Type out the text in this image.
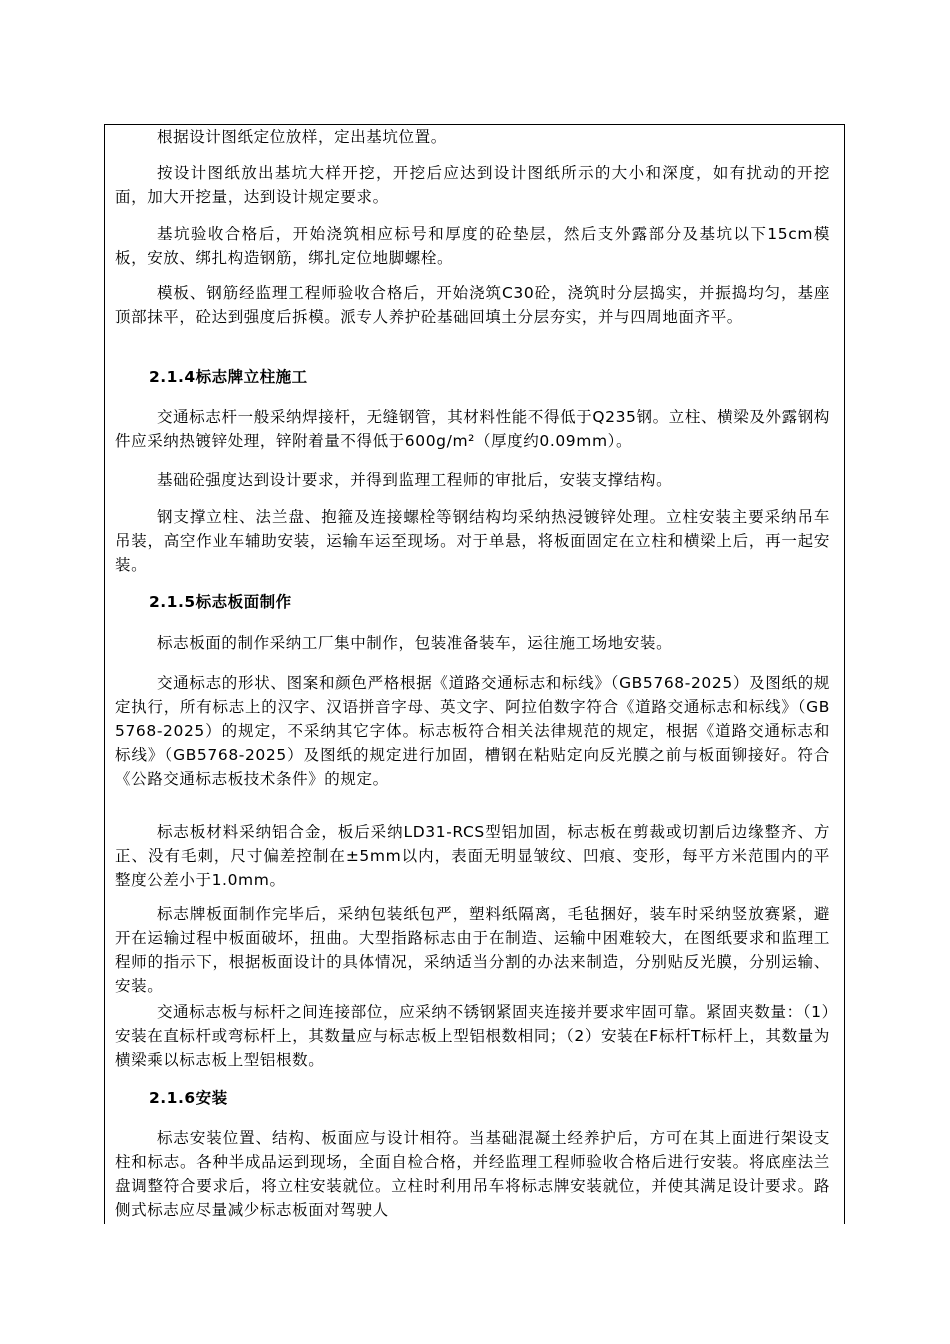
根据设计图纸定位放样，定出基坑位置。

按设计图纸放出基坑大样开挖，开挖后应达到设计图纸所示的大小和深度，如有扰动的开挖面，加大开挖量，达到设计规定要求。

基坑验收合格后，开始浇筑相应标号和厚度的砼垫层，然后支外露部分及基坑以下15cm模板，安放、绑扎构造钢筋，绑扎定位地脚螺栓。

模板、钢筋经监理工程师验收合格后，开始浇筑C30砼，浇筑时分层捣实，并振捣均匀，基座顶部抹平，砼达到强度后拆模。派专人养护砼基础回填土分层夯实，并与四周地面齐平。

2.1.4标志牌立柱施工

交通标志杆一般采纳焊接杆，无缝钢管，其材料性能不得低于Q235钢。立柱、横梁及外露钢构件应采纳热镀锌处理，锌附着量不得低于600g/m²（厚度约0.09mm）。

基础砼强度达到设计要求，并得到监理工程师的审批后，安装支撑结构。

钢支撑立柱、法兰盘、抱箍及连接螺栓等钢结构均采纳热浸镀锌处理。立柱安装主要采纳吊车吊装，高空作业车辅助安装，运输车运至现场。对于单悬，将板面固定在立柱和横梁上后，再一起安装。

2.1.5标志板面制作

标志板面的制作采纳工厂集中制作，包装准备装车，运往施工场地安装。

交通标志的形状、图案和颜色严格根据《道路交通标志和标线》（GB5768-2025）及图纸的规定执行，所有标志上的汉字、汉语拼音字母、英文字、阿拉伯数字符合《道路交通标志和标线》（GB5768-2025）的规定，不采纳其它字体。标志板符合相关法律规范的规定，根据《道路交通标志和标线》（GB5768-2025）及图纸的规定进行加固，槽钢在粘贴定向反光膜之前与板面铆接好。符合《公路交通标志板技术条件》的规定。

标志板材料采纳铝合金，板后采纳LD31-RCS型铝加固，标志板在剪裁或切割后边缘整齐、方正、没有毛刺，尺寸偏差控制在±5mm以内，表面无明显皱纹、凹痕、变形，每平方米范围内的平整度公差小于1.0mm。

标志牌板面制作完毕后，采纳包装纸包严，塑料纸隔离，毛毡捆好，装车时采纳竖放赛紧，避开在运输过程中板面破坏，扭曲。大型指路标志由于在制造、运输中困难较大，在图纸要求和监理工程师的指示下，根据板面设计的具体情况，采纳适当分割的办法来制造，分别贴反光膜，分别运输、安装。

交通标志板与标杆之间连接部位，应采纳不锈钢紧固夹连接并要求牢固可靠。紧固夹数量：（1）安装在直标杆或弯标杆上，其数量应与标志板上型铝根数相同；（2）安装在F标杆T标杆上，其数量为横梁乘以标志板上型铝根数。

2.1.6安装

标志安装位置、结构、板面应与设计相符。当基础混凝土经养护后，方可在其上面进行架设支柱和标志。各种半成品运到现场，全面自检合格，并经监理工程师验收合格后进行安装。将底座法兰盘调整符合要求后，将立柱安装就位。立柱时利用吊车将标志牌安装就位，并使其满足设计要求。路侧式标志应尽量减少标志板面对驾驶人
